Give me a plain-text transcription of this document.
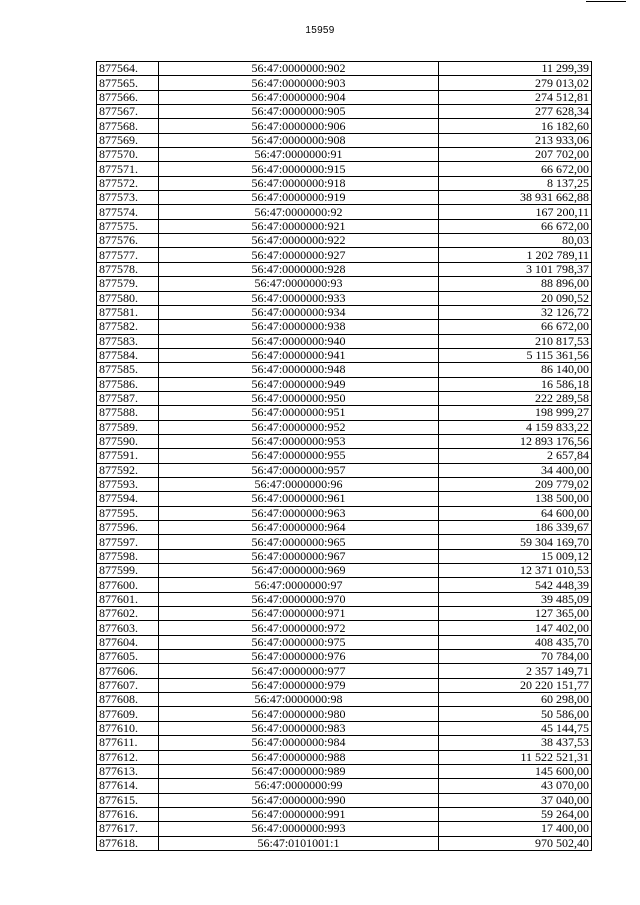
15959
877564.	56:47:0000000:902	11 299,39
877565.	56:47:0000000:903	279 013,02
877566.	56:47:0000000:904	274 512,81
877567.	56:47:0000000:905	277 628,34
877568.	56:47:0000000:906	16 182,60
877569.	56:47:0000000:908	213 933,06
877570.	56:47:0000000:91	207 702,00
877571.	56:47:0000000:915	66 672,00
877572.	56:47:0000000:918	8 137,25
877573.	56:47:0000000:919	38 931 662,88
877574.	56:47:0000000:92	167 200,11
877575.	56:47:0000000:921	66 672,00
877576.	56:47:0000000:922	80,03
877577.	56:47:0000000:927	1 202 789,11
877578.	56:47:0000000:928	3 101 798,37
877579.	56:47:0000000:93	88 896,00
877580.	56:47:0000000:933	20 090,52
877581.	56:47:0000000:934	32 126,72
877582.	56:47:0000000:938	66 672,00
877583.	56:47:0000000:940	210 817,53
877584.	56:47:0000000:941	5 115 361,56
877585.	56:47:0000000:948	86 140,00
877586.	56:47:0000000:949	16 586,18
877587.	56:47:0000000:950	222 289,58
877588.	56:47:0000000:951	198 999,27
877589.	56:47:0000000:952	4 159 833,22
877590.	56:47:0000000:953	12 893 176,56
877591.	56:47:0000000:955	2 657,84
877592.	56:47:0000000:957	34 400,00
877593.	56:47:0000000:96	209 779,02
877594.	56:47:0000000:961	138 500,00
877595.	56:47:0000000:963	64 600,00
877596.	56:47:0000000:964	186 339,67
877597.	56:47:0000000:965	59 304 169,70
877598.	56:47:0000000:967	15 009,12
877599.	56:47:0000000:969	12 371 010,53
877600.	56:47:0000000:97	542 448,39
877601.	56:47:0000000:970	39 485,09
877602.	56:47:0000000:971	127 365,00
877603.	56:47:0000000:972	147 402,00
877604.	56:47:0000000:975	408 435,70
877605.	56:47:0000000:976	70 784,00
877606.	56:47:0000000:977	2 357 149,71
877607.	56:47:0000000:979	20 220 151,77
877608.	56:47:0000000:98	60 298,00
877609.	56:47:0000000:980	50 586,00
877610.	56:47:0000000:983	45 144,75
877611.	56:47:0000000:984	38 437,53
877612.	56:47:0000000:988	11 522 521,31
877613.	56:47:0000000:989	145 600,00
877614.	56:47:0000000:99	43 070,00
877615.	56:47:0000000:990	37 040,00
877616.	56:47:0000000:991	59 264,00
877617.	56:47:0000000:993	17 400,00
877618.	56:47:0101001:1	970 502,40
